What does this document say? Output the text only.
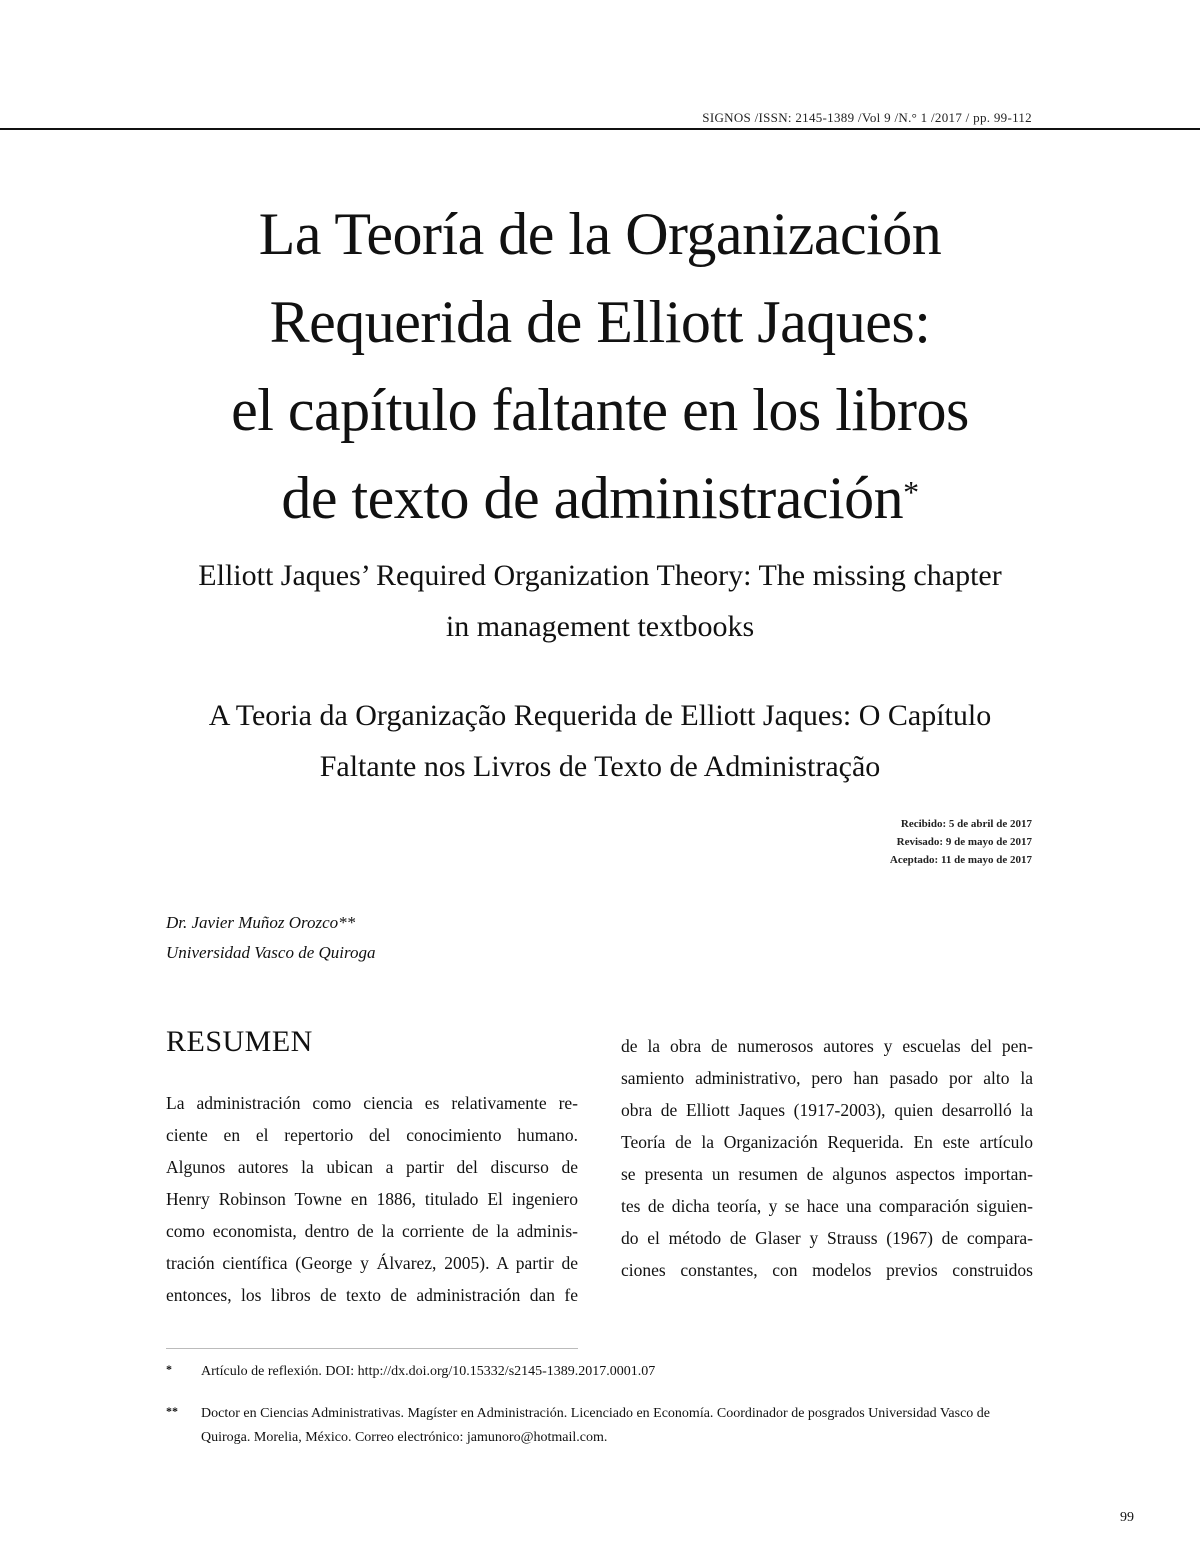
SIGNOS /ISSN: 2145-1389 /Vol 9 /N.° 1 /2017 / pp. 99-112
La Teoría de la Organización
Requerida de Elliott Jaques:
el capítulo faltante en los libros
de texto de administración*
Elliott Jaques’ Required Organization Theory: The missing chapter
in management textbooks
A Teoria da Organização Requerida de Elliott Jaques: O Capítulo
Faltante nos Livros de Texto de Administração
Recibido: 5 de abril de 2017
Revisado: 9 de mayo de 2017
Aceptado: 11 de mayo de 2017
Dr. Javier Muñoz Orozco**
Universidad Vasco de Quiroga
RESUMEN
La administración como ciencia es relativamente re-
ciente en el repertorio del conocimiento humano.
Algunos autores la ubican a partir del discurso de
Henry Robinson Towne en 1886, titulado El ingeniero
como economista, dentro de la corriente de la adminis-
tración científica (George y Álvarez, 2005). A partir de
entonces, los libros de texto de administración dan fe
de la obra de numerosos autores y escuelas del pen-
samiento administrativo, pero han pasado por alto la
obra de Elliott Jaques (1917-2003), quien desarrolló la
Teoría de la Organización Requerida. En este artículo
se presenta un resumen de algunos aspectos importan-
tes de dicha teoría, y se hace una comparación siguien-
do el método de Glaser y Strauss (1967) de compara-
ciones constantes, con modelos previos construidos
* Artículo de reflexión. DOI: http://dx.doi.org/10.15332/s2145-1389.2017.0001.07
** Doctor en Ciencias Administrativas. Magíster en Administración. Licenciado en Economía. Coordinador de posgrados Universidad Vasco de Quiroga. Morelia, México. Correo electrónico: jamunoro@hotmail.com.
99
